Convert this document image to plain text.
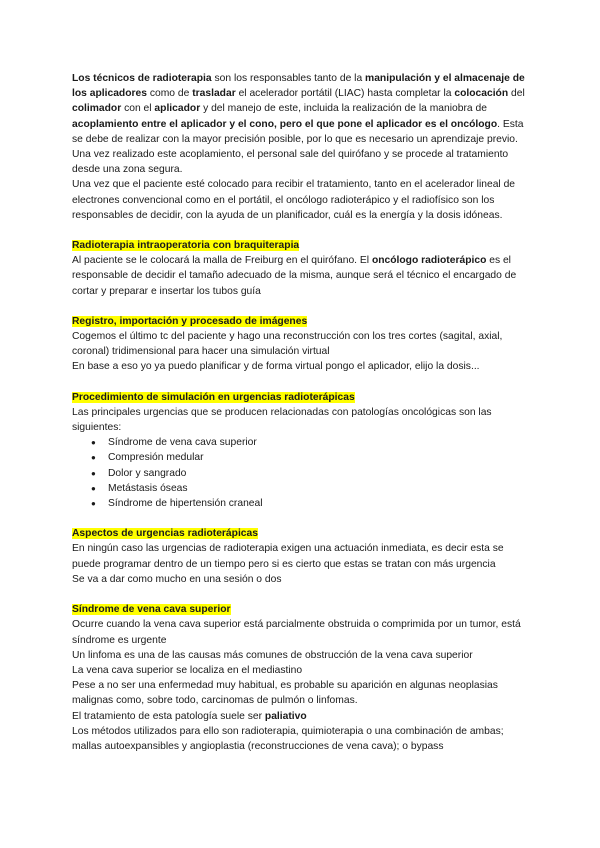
Los técnicos de radioterapia son los responsables tanto de la manipulación y el almacenaje de los aplicadores como de trasladar el acelerador portátil (LIAC) hasta completar la colocación del colimador con el aplicador y del manejo de este, incluida la realización de la maniobra de acoplamiento entre el aplicador y el cono, pero el que pone el aplicador es el oncólogo. Esta se debe de realizar con la mayor precisión posible, por lo que es necesario un aprendizaje previo.

Una vez realizado este acoplamiento, el personal sale del quirófano y se procede al tratamiento desde una zona segura.

Una vez que el paciente esté colocado para recibir el tratamiento, tanto en el acelerador lineal de electrones convencional como en el portátil, el oncólogo radioterápico y el radiofísico son los responsables de decidir, con la ayuda de un planificador, cuál es la energía y la dosis idóneas.

Radioterapia intraoperatoria con braquiterapia

Al paciente se le colocará la malla de Freiburg en el quirófano. El oncólogo radioterápico es el responsable de decidir el tamaño adecuado de la misma, aunque será el técnico el encargado de cortar y preparar e insertar los tubos guía

Registro, importación y procesado de imágenes

Cogemos el último tc del paciente y hago una reconstrucción con los tres cortes (sagital, axial, coronal) tridimensional para hacer una simulación virtual

En base a eso yo ya puedo planificar y de forma virtual pongo el aplicador, elijo la dosis...

Procedimiento de simulación en urgencias radioterápicas

Las principales urgencias que se producen relacionadas con patologías oncológicas son las siguientes:

● Síndrome de vena cava superior
● Compresión medular
● Dolor y sangrado
● Metástasis óseas
● Síndrome de hipertensión craneal

Aspectos de urgencias radioterápicas

En ningún caso las urgencias de radioterapia exigen una actuación inmediata, es decir esta se puede programar dentro de un tiempo pero si es cierto que estas se tratan con más urgencia

Se va a dar como mucho en una sesión o dos

Síndrome de vena cava superior

Ocurre cuando la vena cava superior está parcialmente obstruida o comprimida por un tumor, está síndrome es urgente

Un linfoma es una de las causas más comunes de obstrucción de la vena cava superior

La vena cava superior se localiza en el mediastino

Pese a no ser una enfermedad muy habitual, es probable su aparición en algunas neoplasias malignas como, sobre todo, carcinomas de pulmón o linfomas.

El tratamiento de esta patología suele ser paliativo

Los métodos utilizados para ello son radioterapia, quimioterapia o una combinación de ambas; mallas autoexpansibles y angioplastia (reconstrucciones de vena cava); o bypass
